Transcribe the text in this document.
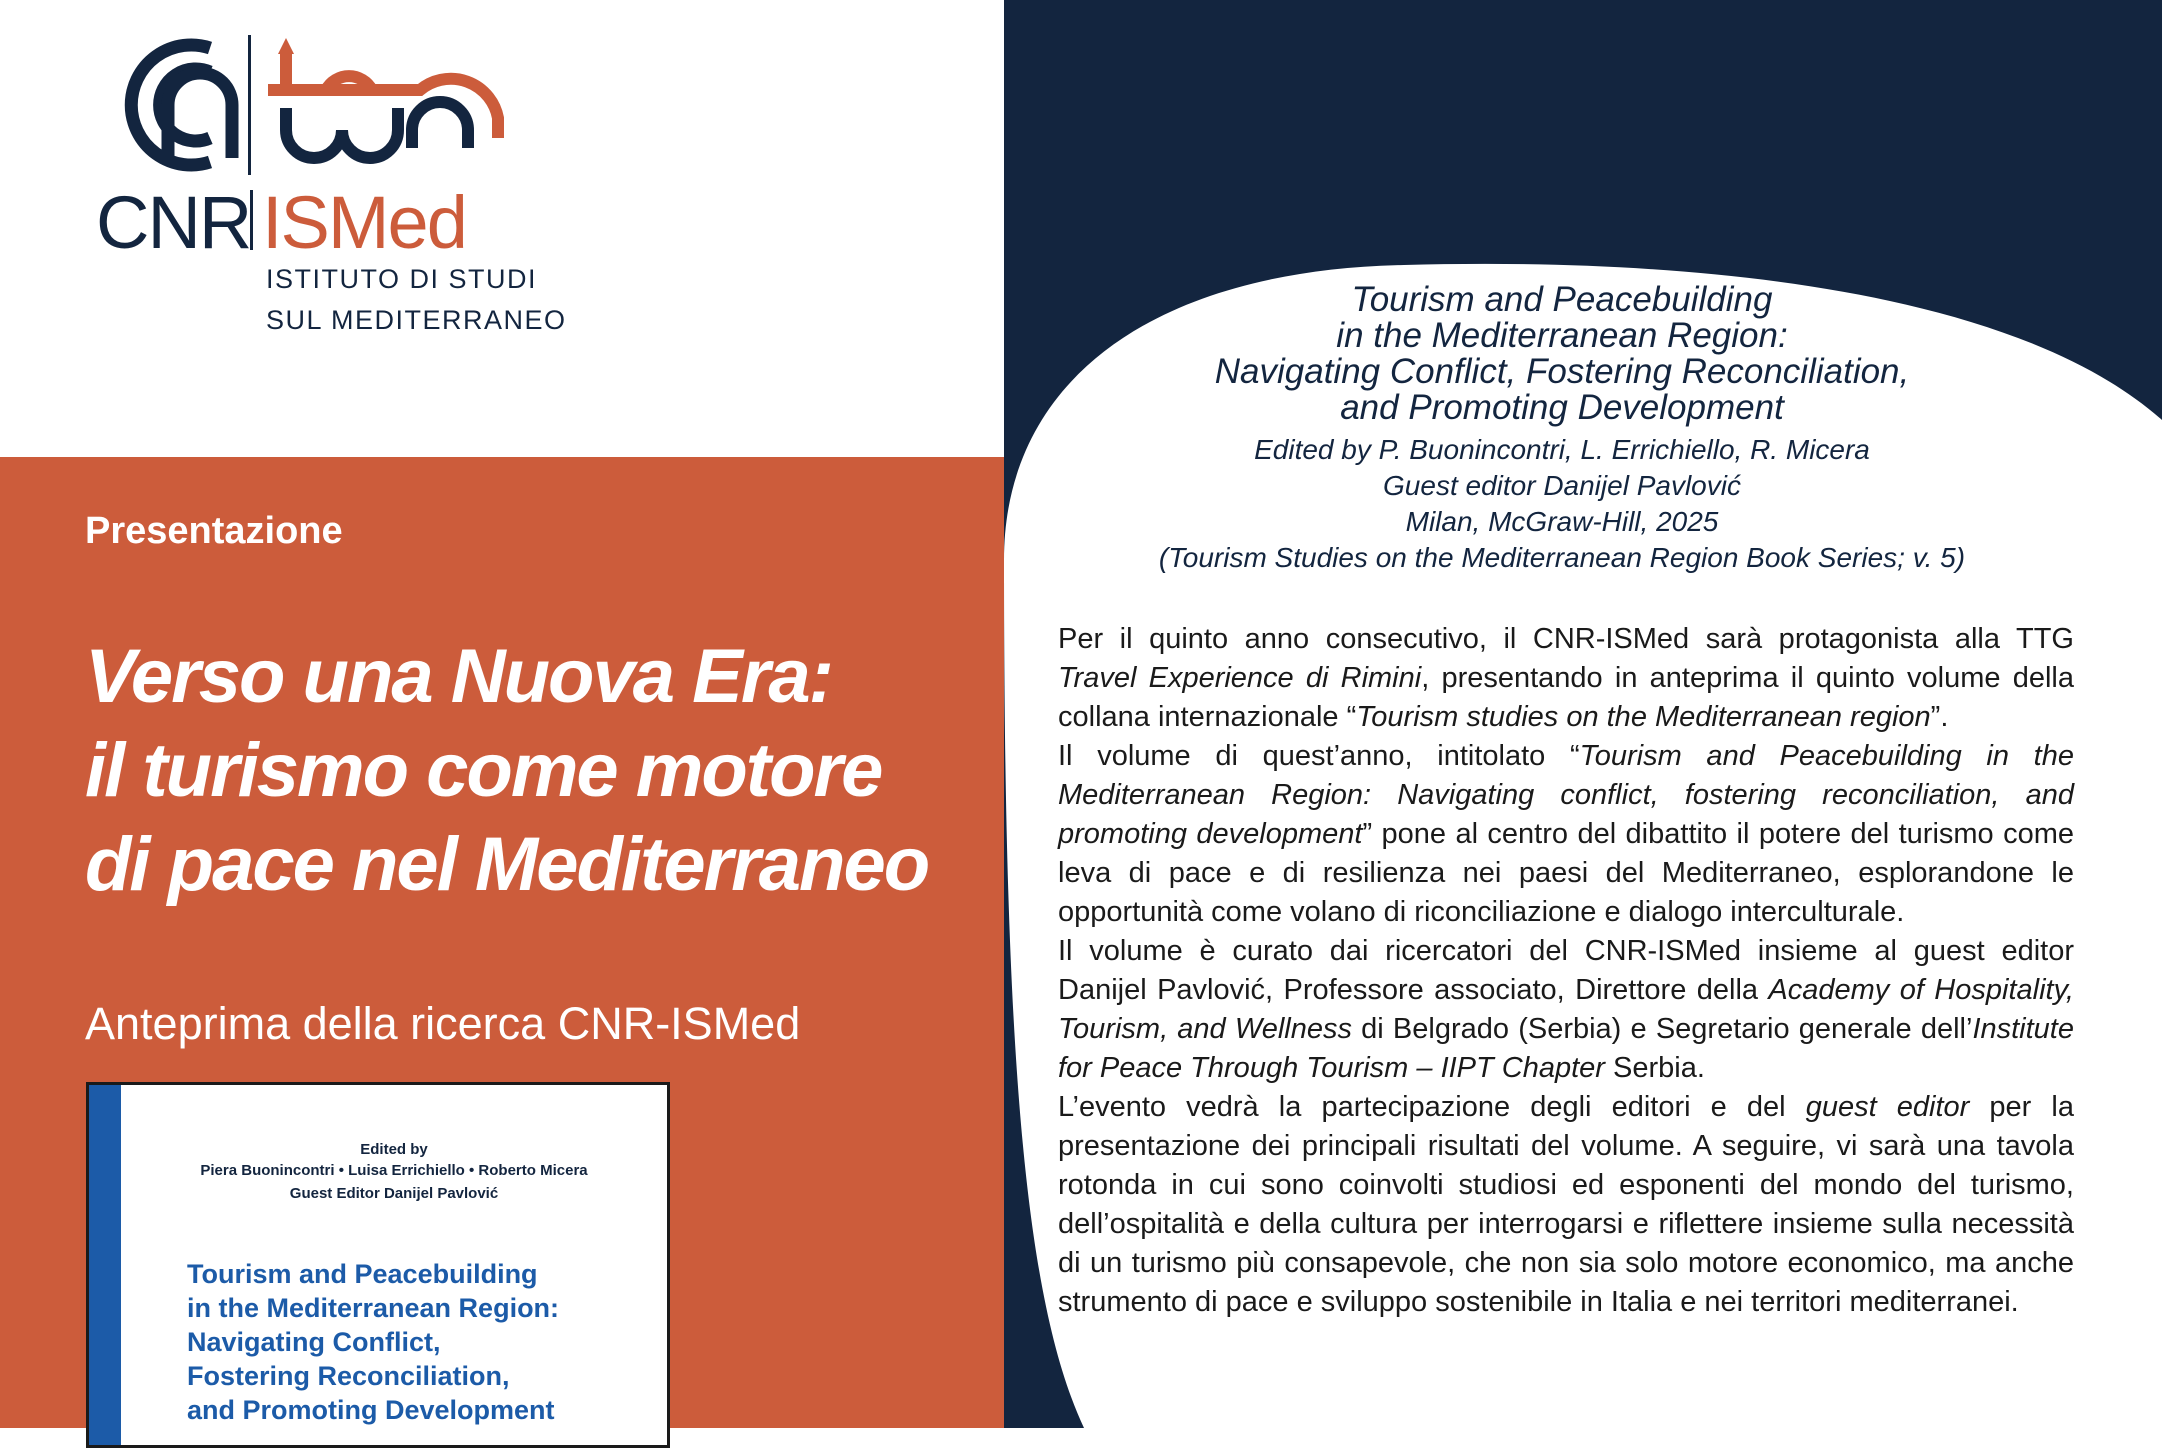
CNR ISMed
ISTITUTO DI STUDI
SUL MEDITERRANEO
Presentazione
Verso una Nuova Era:
il turismo come motore
di pace nel Mediterraneo
Anteprima della ricerca CNR-ISMed
Edited by
Piera Buonincontri • Luisa Errichiello • Roberto Micera
Guest Editor Danijel Pavlović
Tourism and Peacebuilding
in the Mediterranean Region:
Navigating Conflict,
Fostering Reconciliation,
and Promoting Development
Tourism and Peacebuilding
in the Mediterranean Region:
Navigating Conflict, Fostering Reconciliation,
and Promoting Development
Edited by P. Buonincontri, L. Errichiello, R. Micera
Guest editor Danijel Pavlović
Milan, McGraw-Hill, 2025
(Tourism Studies on the Mediterranean Region Book Series; v. 5)

Per il quinto anno consecutivo, il CNR-ISMed sarà protagonista alla TTG Travel Experience di Rimini, presentando in anteprima il quinto volume della collana internazionale “Tourism studies on the Mediterranean region”.

Il volume di quest’anno, intitolato “Tourism and Peacebuilding in the Mediterranean Region: Navigating conflict, fostering reconciliation, and promoting development” pone al centro del dibattito il potere del turismo come leva di pace e di resilienza nei paesi del Mediterraneo, esplorandone le opportunità come volano di riconciliazione e dialogo interculturale.

Il volume è curato dai ricercatori del CNR-ISMed insieme al guest editor Danijel Pavlović, Professore associato, Direttore della Academy of Hospitality, Tourism, and Wellness di Belgrado (Serbia) e Segretario generale dell’Institute for Peace Through Tourism – IIPT Chapter Serbia.

L’evento vedrà la partecipazione degli editori e del guest editor per la presentazione dei principali risultati del volume. A seguire, vi sarà una tavola rotonda in cui sono coinvolti studiosi ed esponenti del mondo del turismo, dell’ospitalità e della cultura per interrogarsi e riflettere insieme sulla necessità di un turismo più consapevole, che non sia solo motore economico, ma anche strumento di pace e sviluppo sostenibile in Italia e nei territori mediterranei.
